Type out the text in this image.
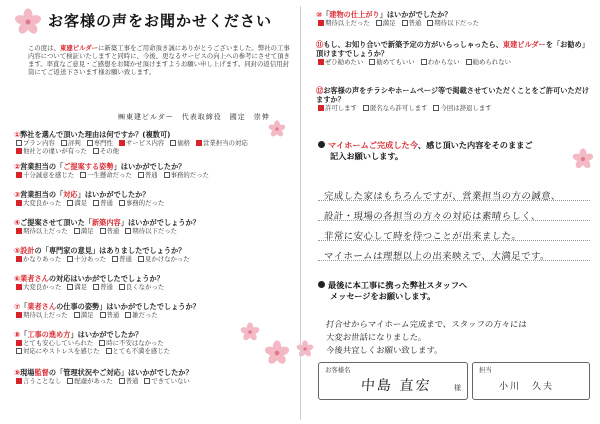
お客様の声をお聞かせください
この度は、東建ビルダーに新築工事をご用命頂き誠にありがとうございました。弊社の工事内容について検証いたしますと同時に、今後、更なるサービスの向上への参考にさせて頂きます。率直なご意見・ご感想をお聞かせ頂けますようお願い申し上げます。同封の返信用封筒にてご返送下さいます様お願い致します。
㈱東建ビルダー　代表取締役　國定　崇伸
①弊社を選んで頂いた理由は何ですか？(複数可)
プラン内容 評判 専門性 サービス内容 価格 営業担当の対応他社との違いが有った その他
②営業担当の「ご提案する姿勢」はいかがでしたか？
十分誠意を感じた 一生懸命だった 普通 事務的だった
③営業担当の「対応」はいかがでしたか？
大変良かった 満足 普通 事務的だった
④ご提案させて頂いた「新築内容」はいかがでしょうか？
期待以上だった 満足 普通 期待以下だった
⑤設計の「専門家の意見」はありましたでしょうか？
かなりあった 十分あった 普通 見かけなかった
⑥業者さんの対応はいかがでしたでしょうか？
大変良かった 満足 普通 良くなかった
⑦「業者さんの仕事の姿勢」はいかがでしたでしょうか？
期待以上だった 満足 普通 雑だった
⑧「工事の進め方」はいかがでしたか？
とても安心していられた 時に不安はなかった対応にやストレスを感じた とても不満を感じた
⑨現場監督の「管理状況やご対応」はいかがでしたか？
言うことなし 配慮があった 普通 できていない
⑩「建物の仕上がり」はいかがでしたか？
期待以上だった 満足 普通 期待以下だった
⑪もし、お知り合いで新築予定の方がいらっしゃったら、東建ビルダーを「お勧め」頂けますでしょうか？
ぜひ勧めたい 勧めてもいい わからない 勧められない
⑫お客様の声をチラシやホームページ等で掲載させていただくことをご許可いただけますか？
許可します 匿名なら許可します 今回は辞退します
マイホームご完成した今、感じ頂いた内容をそのままご
記入お願いします。
完成した家はもちろんですが、営業担当の方の誠意、
設計・現場の各担当の方々の対応は素晴らしく、
非常に安心して時を待つことが出来ました。
マイホームは理想以上の出来映えで、大満足です。
最後に本工事に携った弊社スタッフへ
メッセージをお願いします。
打合せからマイホーム完成まで、スタッフの方々には
大変お世話になりました。
今後共宜しくお願い致します。
お客様名
中島 直宏	様
担当
小川　久夫
